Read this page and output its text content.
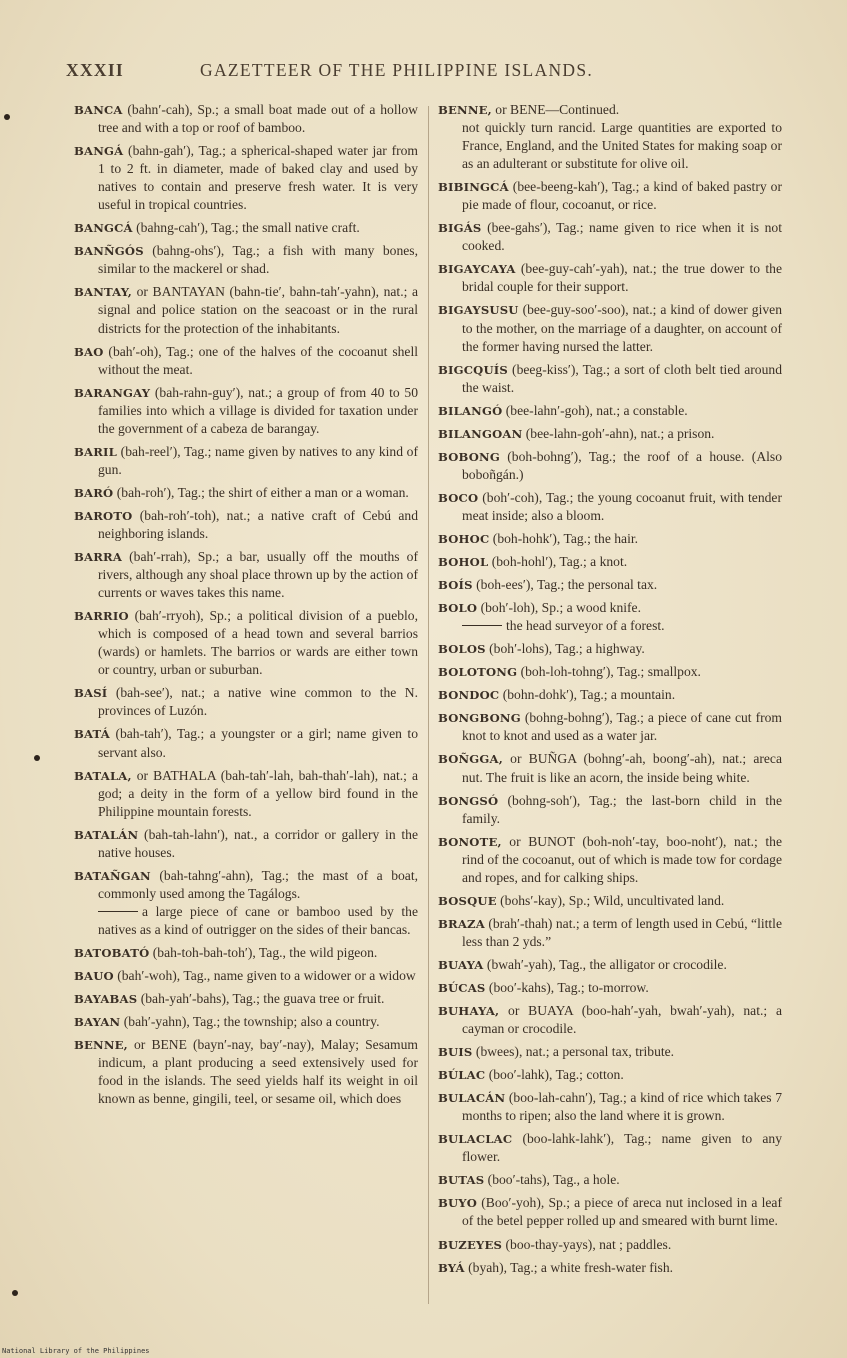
XXXII	GAZETTEER OF THE PHILIPPINE ISLANDS.

BANCA (bahn′-cah), Sp.; a small boat made out of a hollow tree and with a top or roof of bamboo.

BANGÁ (bahn-gah′), Tag.; a spherical-shaped water jar from 1 to 2 ft. in diameter, made of baked clay and used by natives to contain and preserve fresh water. It is very useful in tropical countries.

BANGCÁ (bahng-cah′), Tag.; the small native craft.

BANÑGÓS (bahng-ohs′), Tag.; a fish with many bones, similar to the mackerel or shad.

BANTAY, or BANTAYAN (bahn-tie′, bahn-tah′-yahn), nat.; a signal and police station on the seacoast or in the rural districts for the protection of the inhabitants.

BAO (bah′-oh), Tag.; one of the halves of the cocoanut shell without the meat.

BARANGAY (bah-rahn-guy′), nat.; a group of from 40 to 50 families into which a village is divided for taxation under the government of a cabeza de barangay.

BARIL (bah-reel′), Tag.; name given by natives to any kind of gun.

BARÓ (bah-roh′), Tag.; the shirt of either a man or a woman.

BAROTO (bah-roh′-toh), nat.; a native craft of Cebú and neighboring islands.

BARRA (bah′-rrah), Sp.; a bar, usually off the mouths of rivers, although any shoal place thrown up by the action of currents or waves takes this name.

BARRIO (bah′-rryoh), Sp.; a political division of a pueblo, which is composed of a head town and several barrios (wards) or hamlets. The barrios or wards are either town or country, urban or suburban.

BASÍ (bah-see′), nat.; a native wine common to the N. provinces of Luzón.

BATÁ (bah-tah′), Tag.; a youngster or a girl; name given to servant also.

BATALA, or BATHALA (bah-tah′-lah, bah-thah′-lah), nat.; a god; a deity in the form of a yellow bird found in the Philippine mountain forests.

BATALÁN (bah-tah-lahn′), nat., a corridor or gallery in the native houses.

BATAÑGAN (bah-tahng′-ahn), Tag.; the mast of a boat, commonly used among the Tagálogs.
a large piece of cane or bamboo used by the natives as a kind of outrigger on the sides of their bancas.

BATOBATÓ (bah-toh-bah-toh′), Tag., the wild pigeon.

BAUO (bah′-woh), Tag., name given to a widower or a widow

BAYABAS (bah-yah′-bahs), Tag.; the guava tree or fruit.

BAYAN (bah′-yahn), Tag.; the township; also a country.

BENNE, or BENE (bayn′-nay, bay′-nay), Malay; Sesamum indicum, a plant producing a seed extensively used for food in the islands. The seed yields half its weight in oil known as benne, gingili, teel, or sesame oil, which does

BENNE, or BENE—Continued.
not quickly turn rancid. Large quantities are exported to France, England, and the United States for making soap or as an adulterant or substitute for olive oil.

BIBINGCÁ (bee-beeng-kah′), Tag.; a kind of baked pastry or pie made of flour, cocoanut, or rice.

BIGÁS (bee-gahs′), Tag.; name given to rice when it is not cooked.

BIGAYCAYA (bee-guy-cah′-yah), nat.; the true dower to the bridal couple for their support.

BIGAYSUSU (bee-guy-soo′-soo), nat.; a kind of dower given to the mother, on the marriage of a daughter, on account of the former having nursed the latter.

BIGCQUÍS (beeg-kiss′), Tag.; a sort of cloth belt tied around the waist.

BILANGÓ (bee-lahn′-goh), nat.; a constable.

BILANGOAN (bee-lahn-goh′-ahn), nat.; a prison.

BOBONG (boh-bohng′), Tag.; the roof of a house. (Also boboñgán.)

BOCO (boh′-coh), Tag.; the young cocoanut fruit, with tender meat inside; also a bloom.

BOHOC (boh-hohk′), Tag.; the hair.

BOHOL (boh-hohl′), Tag.; a knot.

BOÍS (boh-ees′), Tag.; the personal tax.

BOLO (boh′-loh), Sp.; a wood knife.
the head surveyor of a forest.

BOLOS (boh′-lohs), Tag.; a highway.

BOLOTONG (boh-loh-tohng′), Tag.; smallpox.

BONDOC (bohn-dohk′), Tag.; a mountain.

BONGBONG (bohng-bohng′), Tag.; a piece of cane cut from knot to knot and used as a water jar.

BOÑGGA, or BUÑGA (bohng′-ah, boong′-ah), nat.; areca nut. The fruit is like an acorn, the inside being white.

BONGSÓ (bohng-soh′), Tag.; the last-born child in the family.

BONOTE, or BUNOT (boh-noh′-tay, boo-noht′), nat.; the rind of the cocoanut, out of which is made tow for cordage and ropes, and for calking ships.

BOSQUE (bohs′-kay), Sp.; Wild, uncultivated land.

BRAZA (brah′-thah) nat.; a term of length used in Cebú, “little less than 2 yds.”

BUAYA (bwah′-yah), Tag., the alligator or crocodile.

BÚCAS (boo′-kahs), Tag.; to-morrow.

BUHAYA, or BUAYA (boo-hah′-yah, bwah′-yah), nat.; a cayman or crocodile.

BUIS (bwees), nat.; a personal tax, tribute.

BÚLAC (boo′-lahk), Tag.; cotton.

BULACÁN (boo-lah-cahn′), Tag.; a kind of rice which takes 7 months to ripen; also the land where it is grown.

BULACLAC (boo-lahk-lahk′), Tag.; name given to any flower.

BUTAS (boo′-tahs), Tag., a hole.

BUYO (Boo′-yoh), Sp.; a piece of areca nut inclosed in a leaf of the betel pepper rolled up and smeared with burnt lime.

BUZEYES (boo-thay-yays), nat ; paddles.

BYÁ (byah), Tag.; a white fresh-water fish.

National Library of the Philippines
